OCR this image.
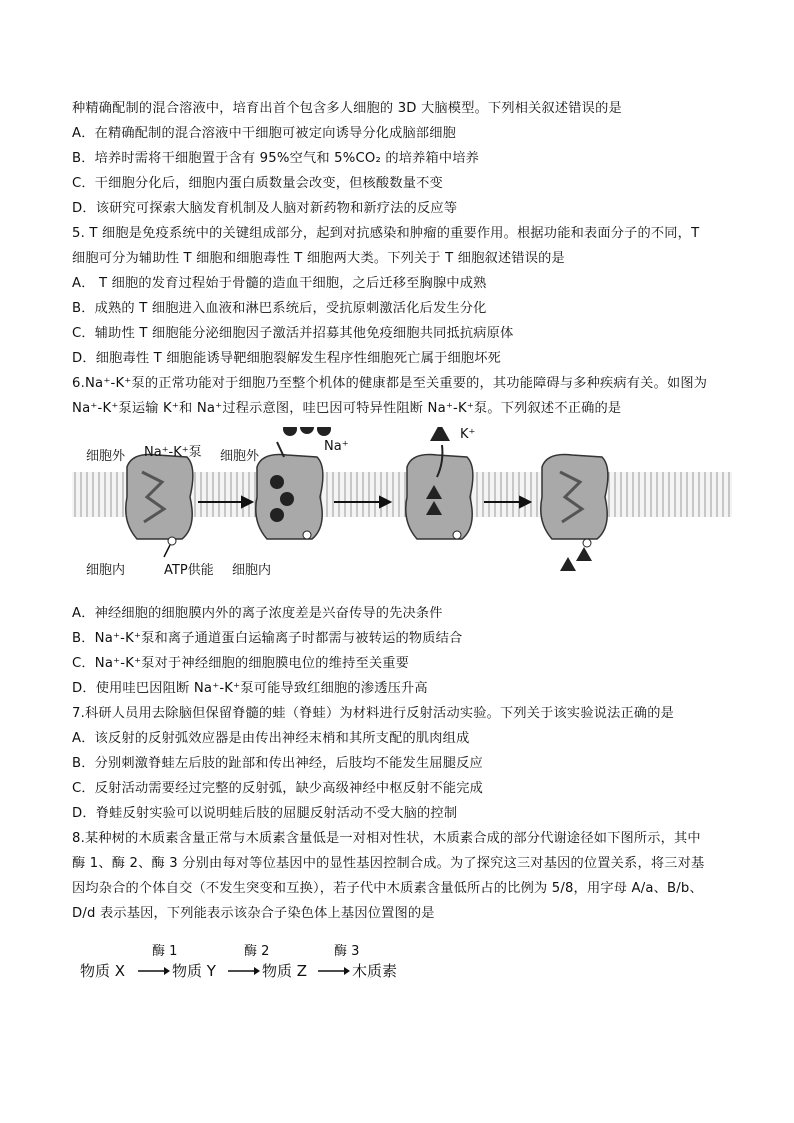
种精确配制的混合溶液中，培育出首个包含多人细胞的 3D 大脑模型。下列相关叙述错误的是
A．在精确配制的混合溶液中干细胞可被定向诱导分化成脑部细胞
B．培养时需将干细胞置于含有 95%空气和 5%CO₂ 的培养箱中培养
C．干细胞分化后，细胞内蛋白质数量会改变，但核酸数量不变
D．该研究可探索大脑发育机制及人脑对新药物和新疗法的反应等
5. T 细胞是免疫系统中的关键组成部分，起到对抗感染和肿瘤的重要作用。根据功能和表面分子的不同，T
细胞可分为辅助性 T 细胞和细胞毒性 T 细胞两大类。下列关于 T 细胞叙述错误的是
A． T 细胞的发育过程始于骨髓的造血干细胞，之后迁移至胸腺中成熟
B．成熟的 T 细胞进入血液和淋巴系统后，受抗原刺激活化后发生分化
C．辅助性 T 细胞能分泌细胞因子激活并招募其他免疫细胞共同抵抗病原体
D．细胞毒性 T 细胞能诱导靶细胞裂解发生程序性细胞死亡属于细胞坏死
6.Na⁺-K⁺泵的正常功能对于细胞乃至整个机体的健康都是至关重要的，其功能障碍与多种疾病有关。如图为
Na⁺-K⁺泵运输 K⁺和 Na⁺过程示意图，哇巴因可特异性阻断 Na⁺-K⁺泵。下列叙述不正确的是
细胞外 Na⁺-K⁺泵
细胞内	ATP供能
细胞外
细胞内
Na⁺
K⁺
A．神经细胞的细胞膜内外的离子浓度差是兴奋传导的先决条件
B．Na⁺-K⁺泵和离子通道蛋白运输离子时都需与被转运的物质结合
C．Na⁺-K⁺泵对于神经细胞的细胞膜电位的维持至关重要
D．使用哇巴因阻断 Na⁺-K⁺泵可能导致红细胞的渗透压升高
7.科研人员用去除脑但保留脊髓的蛙（脊蛙）为材料进行反射活动实验。下列关于该实验说法正确的是
A．该反射的反射弧效应器是由传出神经末梢和其所支配的肌肉组成
B．分别刺激脊蛙左后肢的趾部和传出神经，后肢均不能发生屈腿反应
C．反射活动需要经过完整的反射弧，缺少高级神经中枢反射不能完成
D．脊蛙反射实验可以说明蛙后肢的屈腿反射活动不受大脑的控制
8.某种树的木质素含量正常与木质素含量低是一对相对性状，木质素合成的部分代谢途径如下图所示，其中
酶 1、酶 2、酶 3 分别由每对等位基因中的显性基因控制合成。为了探究这三对基因的位置关系，将三对基
因均杂合的个体自交（不发生突变和互换），若子代中木质素含量低所占的比例为 5/8，用字母 A/a、B/b、
D/d 表示基因，下列能表示该杂合子染色体上基因位置图的是
物质 X
酶 1
物质 Y
酶 2
物质 Z
酶 3
木质素
